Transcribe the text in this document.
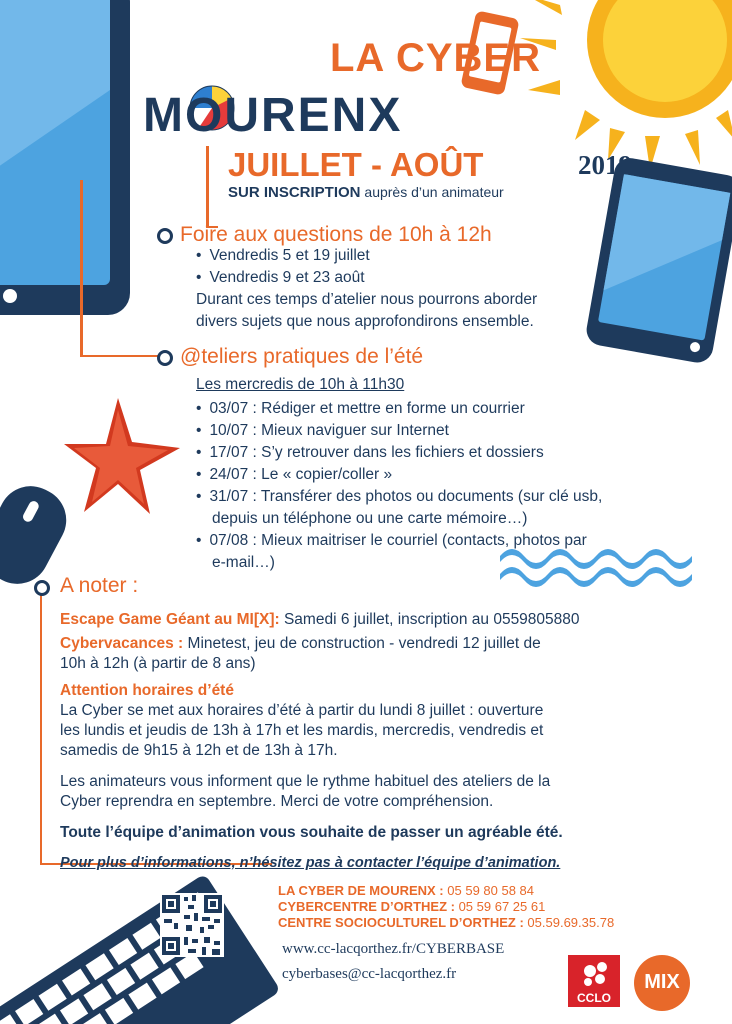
LA CYBER
MOURENX
JUILLET - AOÛT	2019
SUR INSCRIPTION auprès d’un animateur
Foire aux questions de 10h à 12h
• Vendredis 5 et 19 juillet
• Vendredis 9 et 23 août
Durant ces temps d’atelier nous pourrons aborder
divers sujets que nous approfondirons ensemble.
@teliers pratiques de l’été
Les mercredis de 10h à 11h30
• 03/07 : Rédiger et mettre en forme un courrier
• 10/07 : Mieux naviguer sur Internet
• 17/07 : S’y retrouver dans les fichiers et dossiers
• 24/07 : Le « copier/coller »
• 31/07 : Transférer des photos ou documents (sur clé usb,
depuis un téléphone ou une carte mémoire…)
• 07/08 : Mieux maitriser le courriel (contacts, photos par
e-mail…)
A noter :
Escape Game Géant au MI[X]: Samedi 6 juillet, inscription au 0559805880
Cybervacances : Minetest, jeu de construction - vendredi 12 juillet de
10h à 12h (à partir de 8 ans)
Attention horaires d’été
La Cyber se met aux horaires d’été à partir du lundi 8 juillet : ouverture
les lundis et jeudis de 13h à 17h et les mardis, mercredis, vendredis et
samedis de 9h15 à 12h et de 13h à 17h.
Les animateurs vous informent que le rythme habituel des ateliers de la
Cyber reprendra en septembre. Merci de votre compréhension.
Toute l’équipe d’animation vous souhaite de passer un agréable été.
Pour plus d’informations, n’hésitez pas à contacter l’équipe d’animation.
LA CYBER DE MOURENX : 05 59 80 58 84
CYBERCENTRE D’ORTHEZ : 05 59 67 25 61
CENTRE SOCIOCULTUREL D’ORTHEZ : 05.59.69.35.78
www.cc-lacqorthez.fr/CYBERBASE
cyberbases@cc-lacqorthez.fr
CCLO
MIX
